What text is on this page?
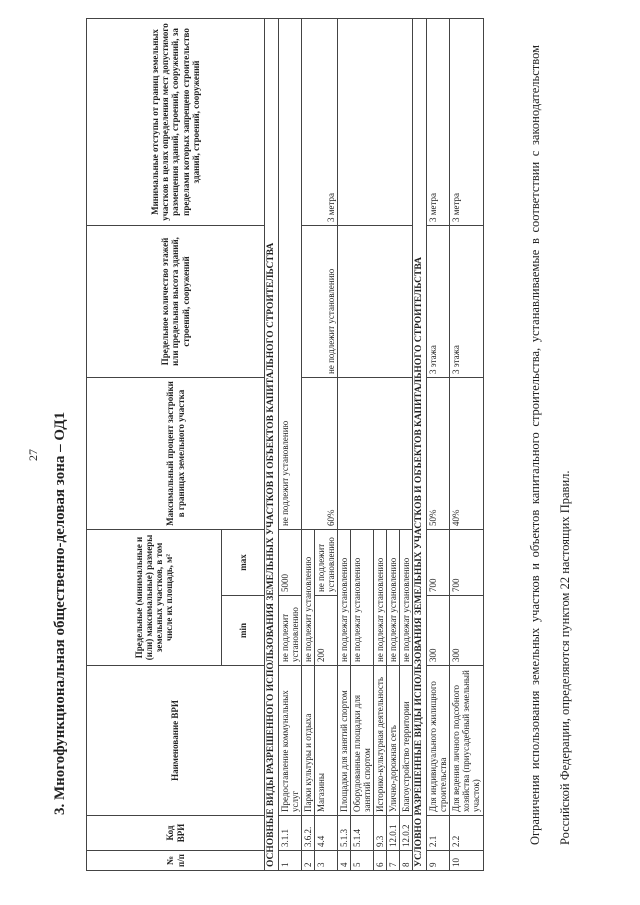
27 3. Многофункциональная общественно-деловая зона – ОД1
№ п/п	Код ВРИ	Наименование ВРИ	Предельные (минимальные и (или) максимальные) размеры земельных участков, в том числе их площадь, м²		Максимальный процент застройки в границах земельного участка	Предельное количество этажей или предельная высота зданий, строений, сооружений	Минимальные отступы от границ земельных участков в целях определения мест допустимого размещения зданий, строений, сооружений, за пределами которых запрещено строительство зданий, строений, сооружений
			min	max			
ОСНОВНЫЕ ВИДЫ РАЗРЕШЕННОГО ИСПОЛЬЗОВАНИЯ ЗЕМЕЛЬНЫХ УЧАСТКОВ И ОБЪЕКТОВ КАПИТАЛЬНОГО СТРОИТЕЛЬСТВА							
1	3.1.1	Предоставление коммунальных услуг	не подлежит установлению	5000	не подлежит установлению		
2	3.6.2.	Парки культуры и отдыха	не подлежит установлению		60%	не подлежит установлению	3 метра
3	4.4	Магазины	200	не подлежит установлению			
4	5.1.3	Площадки для занятий спортом	не подлежат установлению				
5	5.1.4	Оборудованные площадки для занятий спортом	не подлежат установлению				
6	9.3	Историко-культурная деятельность	не подлежат установлению				
7	12.0.1	Улично-дорожная сеть	не подлежат установлению				
8	12.0.2	Благоустройство территории	не подлежат установлению				
УСЛОВНО РАЗРЕШЕННЫЕ ВИДЫ ИСПОЛЬЗОВАНИЯ ЗЕМЕЛЬНЫХ УЧАСТКОВ И ОБЪЕКТОВ КАПИТАЛЬНОГО СТРОИТЕЛЬСТВА							
9	2.1	Для индивидуального жилищного строительства	300	700	50%	3 этажа	3 метра
10	2.2	Для ведения личного подсобного хозяйства (приусадебный земельный участок)	300	700	40%	3 этажа	3 метра	Ограничения использования земельных участков и объектов капитального строительства, устанавливаемые в соответствии с законодательством Российской Федерации, определяются пунктом 22 настоящих Правил.
